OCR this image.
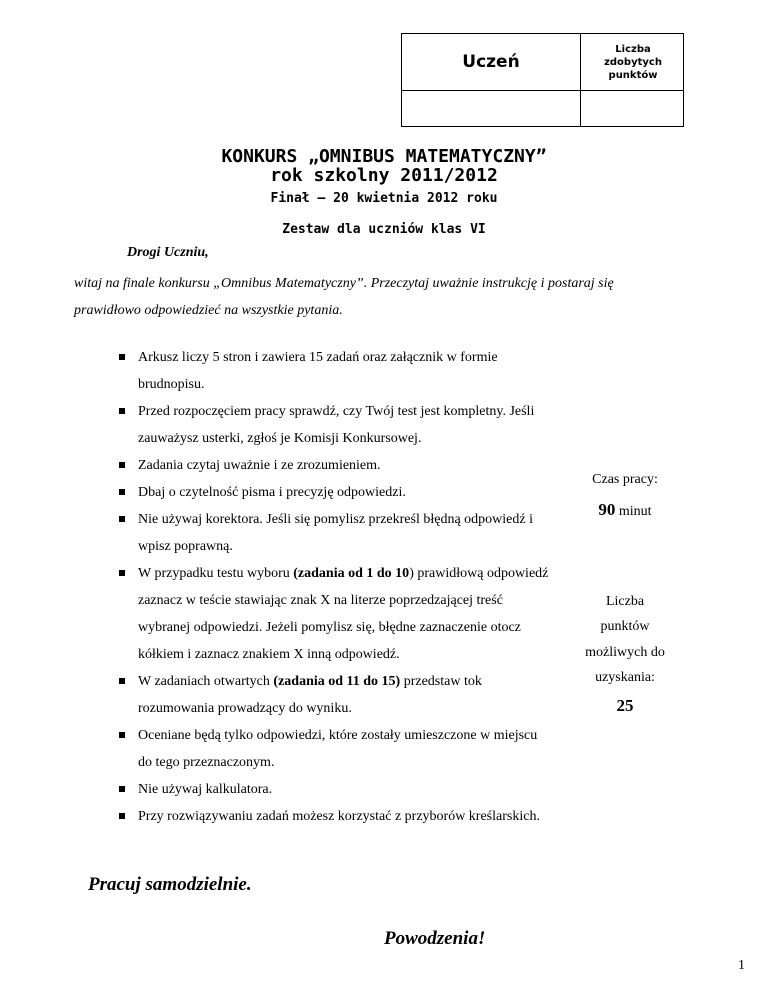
Uczeń
Liczba
zdobytych
punktów
KONKURS „OMNIBUS MATEMATYCZNY”
rok szkolny 2011/2012
Finał — 20 kwietnia 2012 roku
Zestaw dla uczniów klas VI
Drogi Uczniu,
witaj na finale konkursu „Omnibus Matematyczny”. Przeczytaj uważnie instrukcję i postaraj się prawidłowo odpowiedzieć na wszystkie pytania.
Arkusz liczy 5 stron i zawiera 15 zadań oraz załącznik w formie brudnopisu.
Przed rozpoczęciem pracy sprawdź, czy Twój test jest kompletny. Jeśli zauważysz usterki, zgłoś je Komisji Konkursowej.
Zadania czytaj uważnie i ze zrozumieniem.
Dbaj o czytelność pisma i precyzję odpowiedzi.
Nie używaj korektora. Jeśli się pomylisz przekreśl błędną odpowiedź i wpisz poprawną.
W przypadku testu wyboru (zadania od 1 do 10) prawidłową odpowiedź zaznacz w teście stawiając znak X na literze poprzedzającej treść wybranej odpowiedzi. Jeżeli pomylisz się, błędne zaznaczenie otocz kółkiem i zaznacz znakiem X inną odpowiedź.
W zadaniach otwartych (zadania od 11 do 15) przedstaw tok rozumowania prowadzący do wyniku.
Oceniane będą tylko odpowiedzi, które zostały umieszczone w miejscu do tego przeznaczonym.
Nie używaj kalkulatora.
Przy rozwiązywaniu zadań możesz korzystać z przyborów kreślarskich.
Czas pracy:
90 minut
Liczba
punktów
możliwych do
uzyskania:
25
Pracuj samodzielnie.
Powodzenia!
1
